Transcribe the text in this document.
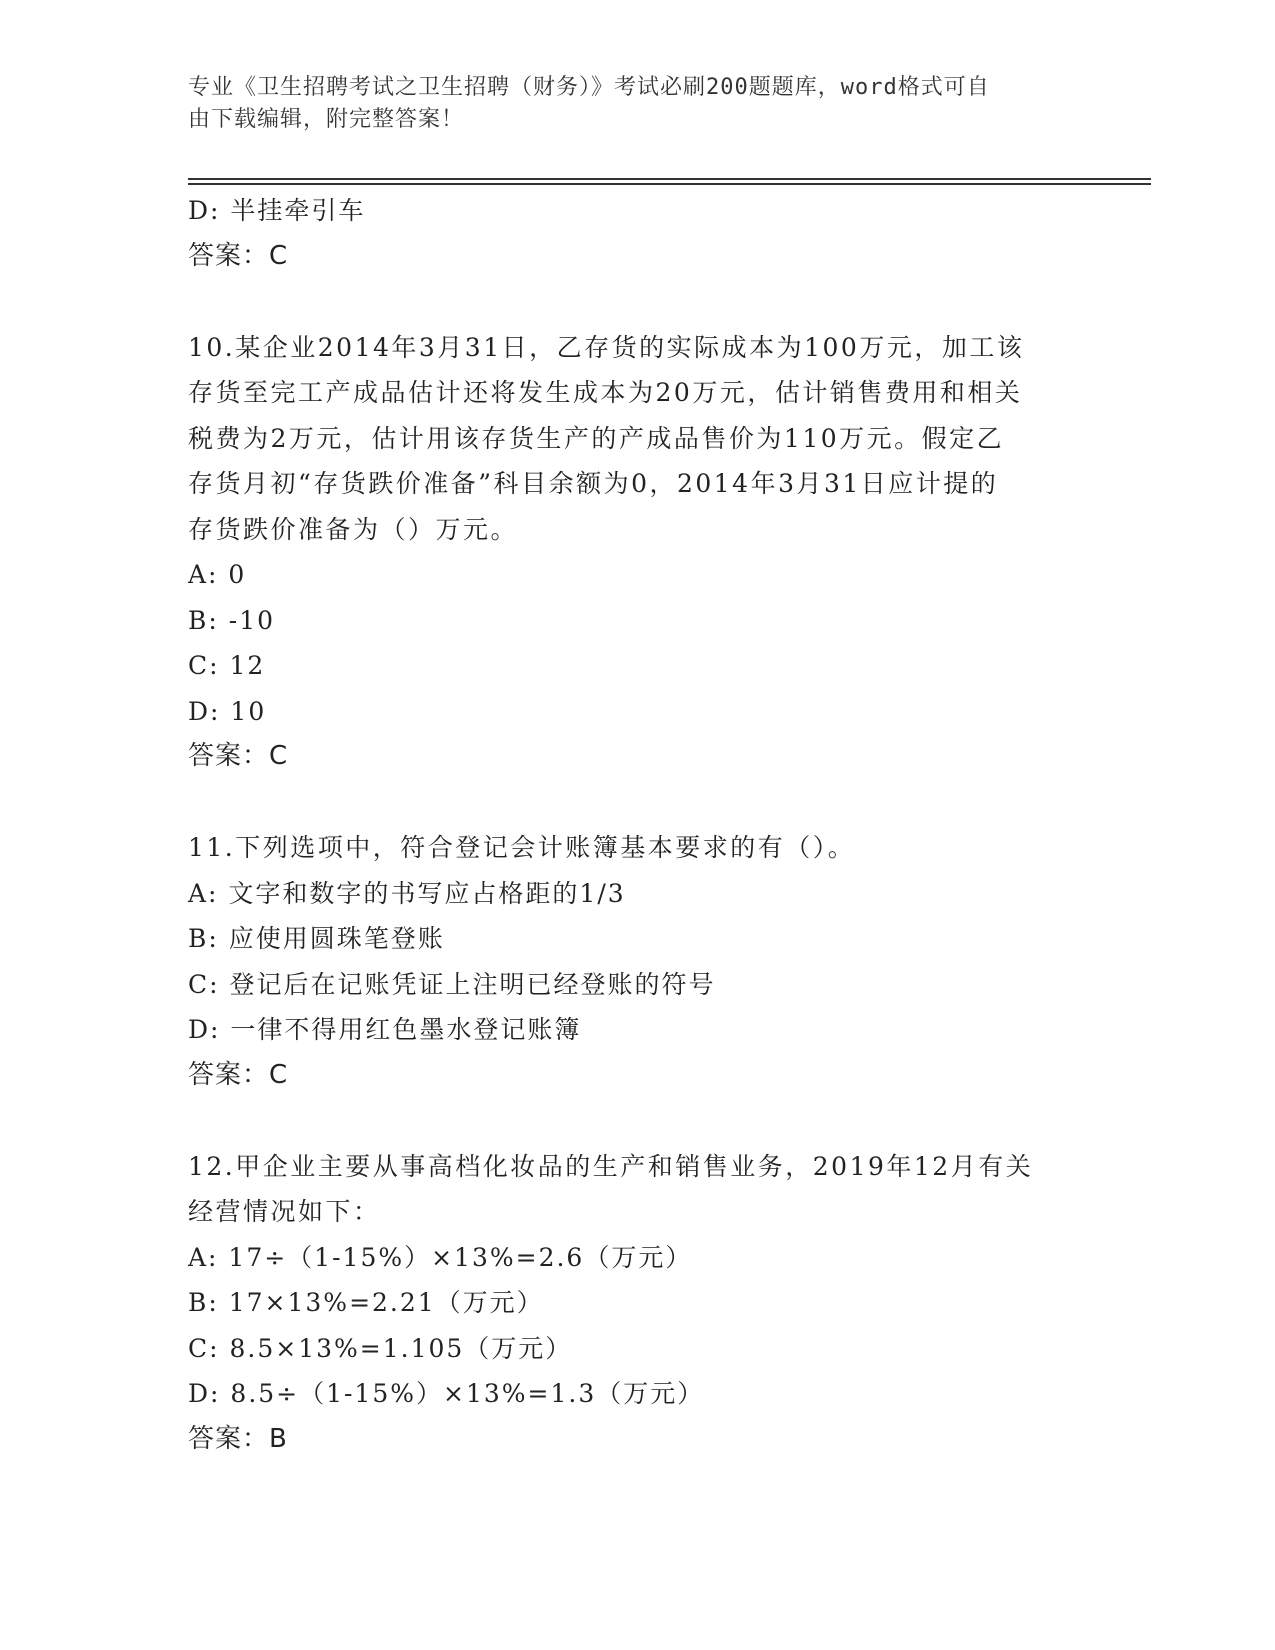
专业《卫生招聘考试之卫生招聘（财务）》考试必刷200题题库，word格式可自
由下载编辑，附完整答案！
D: 半挂牵引车
答案：C
10.某企业2014年3月31日，乙存货的实际成本为100万元，加工该
存货至完工产成品估计还将发生成本为20万元，估计销售费用和相关
税费为2万元，估计用该存货生产的产成品售价为110万元。假定乙
存货月初“存货跌价准备”科目余额为0，2014年3月31日应计提的
存货跌价准备为（）万元。
A: 0
B: -10
C: 12
D: 10
答案：C
11.下列选项中，符合登记会计账簿基本要求的有（）。
A: 文字和数字的书写应占格距的1/3
B: 应使用圆珠笔登账
C: 登记后在记账凭证上注明已经登账的符号
D: 一律不得用红色墨水登记账簿
答案：C
12.甲企业主要从事高档化妆品的生产和销售业务，2019年12月有关
经营情况如下：
A: 17÷（1-15%）×13%=2.6（万元）
B: 17×13%=2.21（万元）
C: 8.5×13%=1.105（万元）
D: 8.5÷（1-15%）×13%=1.3（万元）
答案：B
